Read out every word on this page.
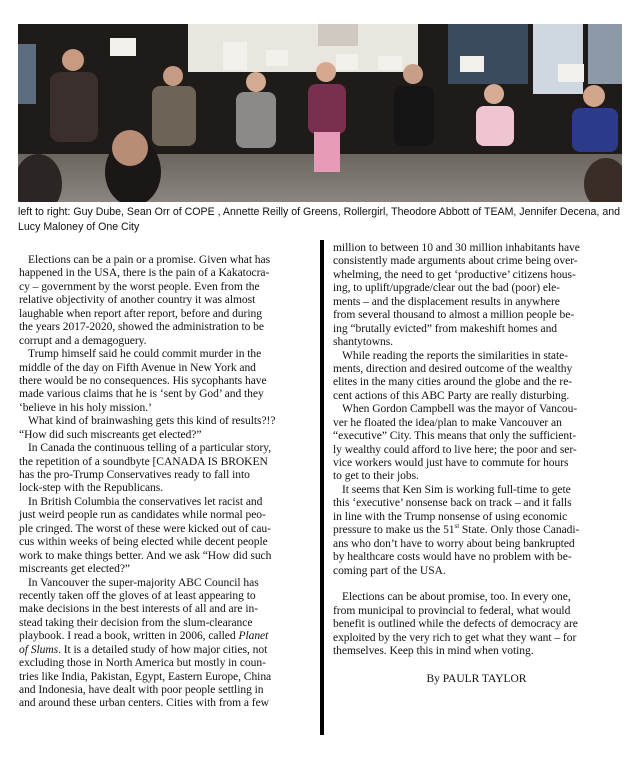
left to right: Guy Dube, Sean Orr of COPE , Annette Reilly of Greens, Rollergirl, Theodore Abbott of TEAM, Jennifer Decena, and Lucy Maloney of One City
Elections can be a pain or a promise. Given what has
happened in the USA, there is the pain of a Kakatocra-
cy – government by the worst people. Even from the
relative objectivity of another country it was almost
laughable when report after report, before and during
the years 2017-2020, showed the administration to be
corrupt and a demagoguery.
Trump himself said he could commit murder in the
middle of the day on Fifth Avenue in New York and
there would be no consequences. His sycophants have
made various claims that he is ‘sent by God’ and they
‘believe in his holy mission.’
What kind of brainwashing gets this kind of results?!?
“How did such miscreants get elected?”
In Canada the continuous telling of a particular story,
the repetition of a soundbyte [CANADA IS BROKEN
has the pro-Trump Conservatives ready to fall into
lock-step with the Republicans.
In British Columbia the conservatives let racist and
just weird people run as candidates while normal peo-
ple cringed. The worst of these were kicked out of cau-
cus within weeks of being elected while decent people
work to make things better. And we ask “How did such
miscreants get elected?”
In Vancouver the super-majority ABC Council has
recently taken off the gloves of at least appearing to
make decisions in the best interests of all and are in-
stead taking their decision from the slum-clearance
playbook. I read a book, written in 2006, called Planet
of Slums. It is a detailed study of how major cities, not
excluding those in North America but mostly in coun-
tries like India, Pakistan, Egypt, Eastern Europe, China
and Indonesia, have dealt with poor people settling in
and around these urban centers. Cities with from a few
million to between 10 and 30 million inhabitants have
consistently made arguments about crime being over-
whelming, the need to get ‘productive’ citizens hous-
ing, to uplift/upgrade/clear out the bad (poor) ele-
ments – and the displacement results in anywhere
from several thousand to almost a million people be-
ing “brutally evicted” from makeshift homes and
shantytowns.
While reading the reports the similarities in state-
ments, direction and desired outcome of the wealthy
elites in the many cities around the globe and the re-
cent actions of this ABC Party are really disturbing.
When Gordon Campbell was the mayor of Vancou-
ver he floated the idea/plan to make Vancouver an
“executive” City. This means that only the sufficient-
ly wealthy could afford to live here; the poor and ser-
vice workers would just have to commute for hours
to get to their jobs.
It seems that Ken Sim is working full-time to gete
this ‘executive’ nonsense back on track – and it falls
in line with the Trump nonsense of using economic
pressure to make us the 51st State. Only those Canadi-
ans who don’t have to worry about being bankrupted
by healthcare costs would have no problem with be-
coming part of the USA.
Elections can be about promise, too. In every one,
from municipal to provincial to federal, what would
benefit is outlined while the defects of democracy are
exploited by the very rich to get what they want – for
themselves. Keep this in mind when voting.
By PAULR TAYLOR
